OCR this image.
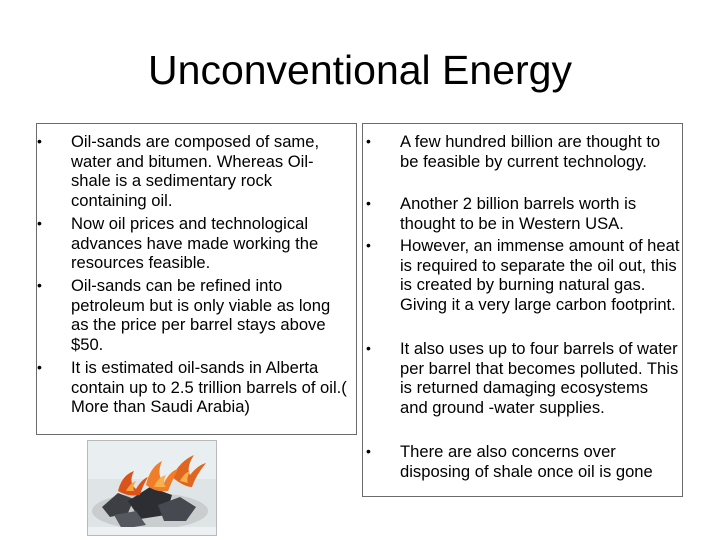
Unconventional Energy
• Oil-sands are composed of same, water and bitumen. Whereas Oil-shale is a sedimentary rock containing oil.
• Now oil prices and technological advances have made working the resources feasible.
• Oil-sands can be refined into petroleum but is only viable as long as the price per barrel stays above $50.
• It is estimated oil-sands in Alberta contain up to 2.5 trillion barrels of oil.( More than Saudi Arabia)
• A few hundred billion are thought to be feasible by current technology.
• Another 2 billion barrels worth is thought to be in Western USA.
• However, an immense amount of heat is required to separate the oil out, this is created by burning natural gas. Giving it a very large carbon footprint.
• It also uses up to four barrels of water per barrel that becomes polluted. This is returned damaging ecosystems and ground -water supplies.
• There are also concerns over disposing of shale once oil is gone
